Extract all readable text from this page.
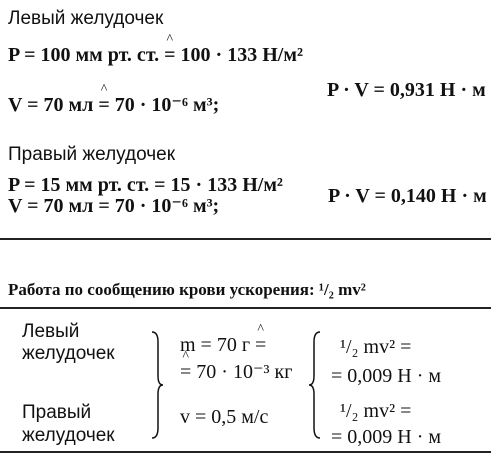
Левый желудочек
P = 100 мм рт. ст. ^ = 100 · 133 Н/м²
V = 70 мл ^ = 70 · 10⁻⁶ м³;
P · V = 0,931 Н · м
Правый желудочек
P = 15 мм рт. ст. = 15 · 133 Н/м²
V = 70 мл = 70 · 10⁻⁶ м³;	P · V = 0,140 Н · м
Работа по сообщению крови ускорения: ¹/₂ mv²
Левый
желудочек
Правый
желудочек
m = 70 г ^ =
^ = 70 · 10⁻³ кг
v = 0,5 м/с
¹/₂ mv² =
= 0,009 Н · м
¹/₂ mv² =
= 0,009 Н · м
